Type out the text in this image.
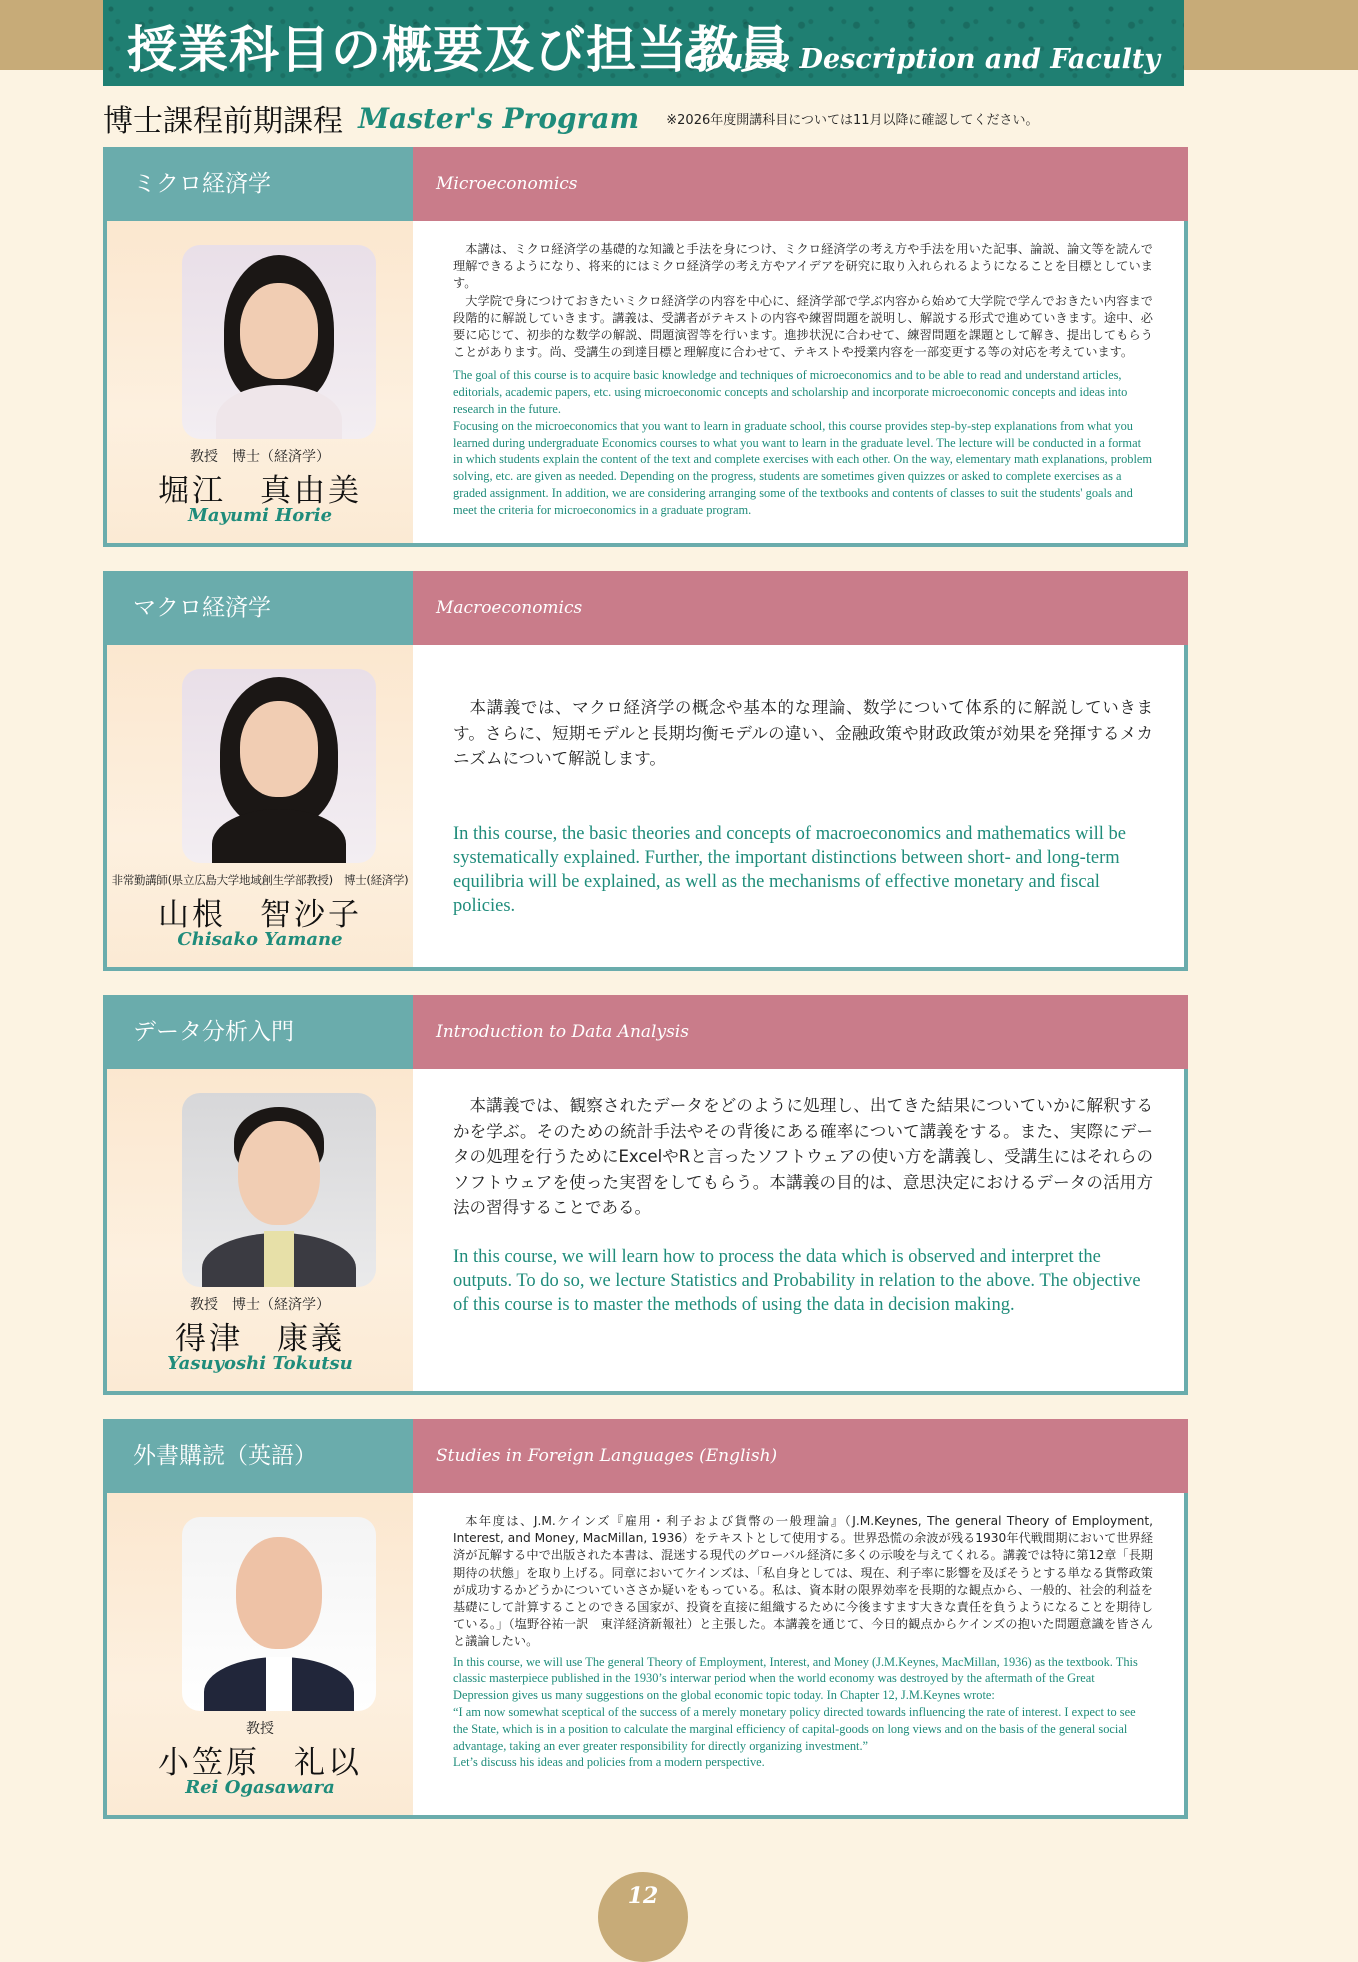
授業科目の概要及び担当教員
Course Description and Faculty
博士課程前期課程 Master's Program ※2026年度開講科目については11月以降に確認してください。
ミクロ経済学	Microeconomics
教授　博士（経済学）
堀江　真由美
Mayumi Horie

本講は、ミクロ経済学の基礎的な知識と手法を身につけ、ミクロ経済学の考え方や手法を用いた記事、論説、論文等を読んで理解できるようになり、将来的にはミクロ経済学の考え方やアイデアを研究に取り入れられるようになることを目標としています。

大学院で身につけておきたいミクロ経済学の内容を中心に、経済学部で学ぶ内容から始めて大学院で学んでおきたい内容まで段階的に解説していきます。講義は、受講者がテキストの内容や練習問題を説明し、解説する形式で進めていきます。途中、必要に応じて、初歩的な数学の解説、問題演習等を行います。進捗状況に合わせて、練習問題を課題として解き、提出してもらうことがあります。尚、受講生の到達目標と理解度に合わせて、テキストや授業内容を一部変更する等の対応を考えています。

The goal of this course is to acquire basic knowledge and techniques of microeconomics and to be able to read and understand articles, editorials, academic papers, etc. using microeconomic concepts and scholarship and incorporate microeconomic concepts and ideas into research in the future.

Focusing on the microeconomics that you want to learn in graduate school, this course provides step-by-step explanations from what you learned during undergraduate Economics courses to what you want to learn in the graduate level. The lecture will be conducted in a format in which students explain the content of the text and complete exercises with each other. On the way, elementary math explanations, problem solving, etc. are given as needed. Depending on the progress, students are sometimes given quizzes or asked to complete exercises as a graded assignment. In addition, we are considering arranging some of the textbooks and contents of classes to suit the students' goals and meet the criteria for microeconomics in a graduate program.

マクロ経済学	Macroeconomics
非常勤講師(県立広島大学地域創生学部教授)　博士(経済学)
山根　智沙子
Chisako Yamane

本講義では、マクロ経済学の概念や基本的な理論、数学について体系的に解説していきます。さらに、短期モデルと長期均衡モデルの違い、金融政策や財政政策が効果を発揮するメカニズムについて解説します。

In this course, the basic theories and concepts of macroeconomics and mathematics will be systematically explained. Further, the important distinctions between short- and long-term equilibria will be explained, as well as the mechanisms of effective monetary and fiscal policies.

データ分析入門	Introduction to Data Analysis
教授　博士（経済学）
得津　康義
Yasuyoshi Tokutsu

本講義では、観察されたデータをどのように処理し、出てきた結果についていかに解釈するかを学ぶ。そのための統計手法やその背後にある確率について講義をする。また、実際にデータの処理を行うためにExcelやRと言ったソフトウェアの使い方を講義し、受講生にはそれらのソフトウェアを使った実習をしてもらう。本講義の目的は、意思決定におけるデータの活用方法の習得することである。

In this course, we will learn how to process the data which is observed and interpret the outputs. To do so, we lecture Statistics and Probability in relation to the above. The objective of this course is to master the methods of using the data in decision making.

外書購読（英語）	Studies in Foreign Languages (English)
教授
小笠原　礼以
Rei Ogasawara

本年度は、J.M.ケインズ『雇用・利子および貨幣の一般理論』（J.M.Keynes, The general Theory of Employment, Interest, and Money, MacMillan, 1936）をテキストとして使用する。世界恐慌の余波が残る1930年代戦間期において世界経済が瓦解する中で出版された本書は、混迷する現代のグローバル経済に多くの示唆を与えてくれる。講義では特に第12章「長期期待の状態」を取り上げる。同章においてケインズは、「私自身としては、現在、利子率に影響を及ぼそうとする単なる貨幣政策が成功するかどうかについていささか疑いをもっている。私は、資本財の限界効率を長期的な観点から、一般的、社会的利益を基礎にして計算することのできる国家が、投資を直接に組織するために今後ますます大きな責任を負うようになることを期待している。」（塩野谷祐一訳　東洋経済新報社）と主張した。本講義を通じて、今日的観点からケインズの抱いた問題意識を皆さんと議論したい。

In this course, we will use The general Theory of Employment, Interest, and Money (J.M.Keynes, MacMillan, 1936) as the textbook. This classic masterpiece published in the 1930’s interwar period when the world economy was destroyed by the aftermath of the Great Depression gives us many suggestions on the global economic topic today. In Chapter 12, J.M.Keynes wrote:

“I am now somewhat sceptical of the success of a merely monetary policy directed towards influencing the rate of interest. I expect to see the State, which is in a position to calculate the marginal efficiency of capital-goods on long views and on the basis of the general social advantage, taking an ever greater responsibility for directly organizing investment.”

Let’s discuss his ideas and policies from a modern perspective.

12
